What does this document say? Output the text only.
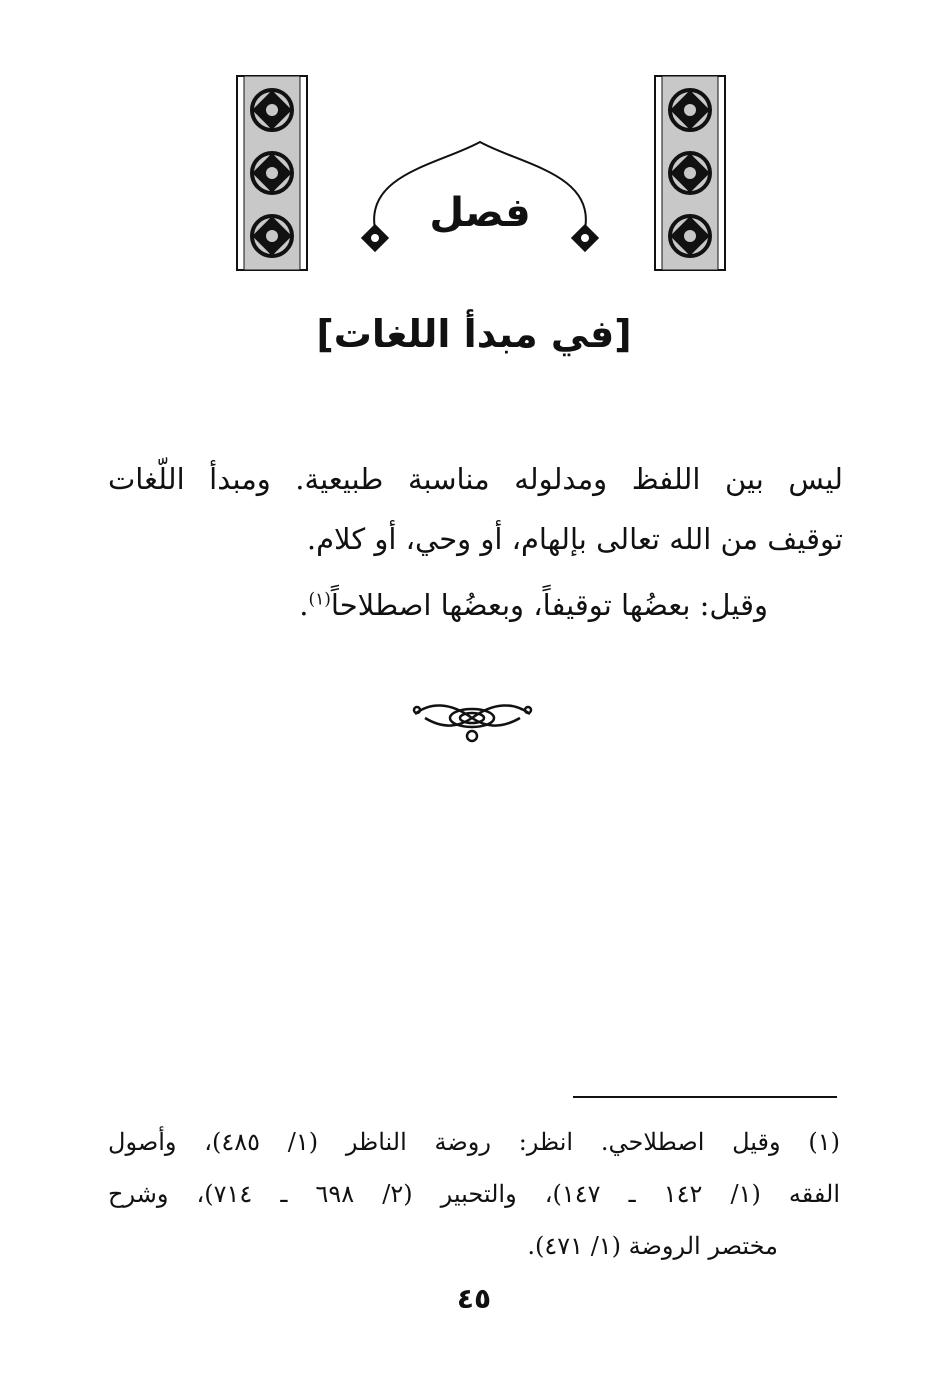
فصل
[في مبدأ اللغات]
ليس بين اللفظ ومدلوله مناسبة طبيعية. ومبدأ اللّغات
توقيف من الله تعالى بإلهام، أو وحي، أو كلام.
وقيل: بعضُها توقيفاً، وبعضُها اصطلاحاً$^{(١)}$.
(١) وقيل اصطلاحي. انظر: روضة الناظر (١/ ٤٨٥)، وأصول
الفقه (١/ ١٤٢ ـ ١٤٧)، والتحبير (٢/ ٦٩٨ ـ ٧١٤)، وشرح
مختصر الروضة (١/ ٤٧١).
٤٥
